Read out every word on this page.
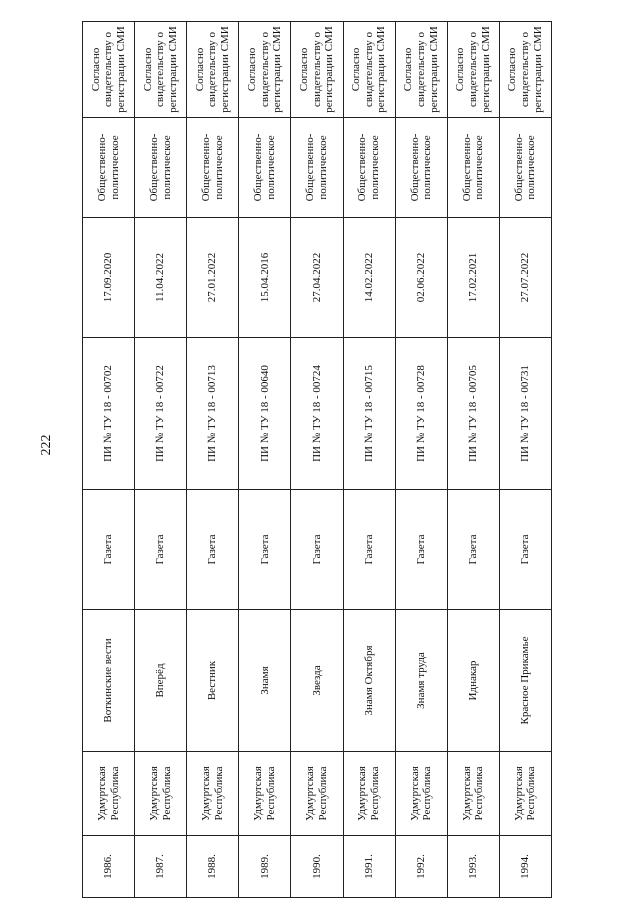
222
1986.	Удмуртская Республика	Воткинские вести	Газета	ПИ № ТУ 18 - 00702	17.09.2020	Общественно-политическое	Согласно свидетельству о регистрации СМИ
1987.	Удмуртская Республика	Вперёд	Газета	ПИ № ТУ 18 - 00722	11.04.2022	Общественно-политическое	Согласно свидетельству о регистрации СМИ
1988.	Удмуртская Республика	Вестник	Газета	ПИ № ТУ 18 - 00713	27.01.2022	Общественно-политическое	Согласно свидетельству о регистрации СМИ
1989.	Удмуртская Республика	Знамя	Газета	ПИ № ТУ 18 - 00640	15.04.2016	Общественно-политическое	Согласно свидетельству о регистрации СМИ
1990.	Удмуртская Республика	Звезда	Газета	ПИ № ТУ 18 - 00724	27.04.2022	Общественно-политическое	Согласно свидетельству о регистрации СМИ
1991.	Удмуртская Республика	Знамя Октября	Газета	ПИ № ТУ 18 - 00715	14.02.2022	Общественно-политическое	Согласно свидетельству о регистрации СМИ
1992.	Удмуртская Республика	Знамя труда	Газета	ПИ № ТУ 18 - 00728	02.06.2022	Общественно-политическое	Согласно свидетельству о регистрации СМИ
1993.	Удмуртская Республика	Иднакар	Газета	ПИ № ТУ 18 - 00705	17.02.2021	Общественно-политическое	Согласно свидетельству о регистрации СМИ
1994.	Удмуртская Республика	Красное Прикамье	Газета	ПИ № ТУ 18 - 00731	27.07.2022	Общественно-политическое	Согласно свидетельству о регистрации СМИ
